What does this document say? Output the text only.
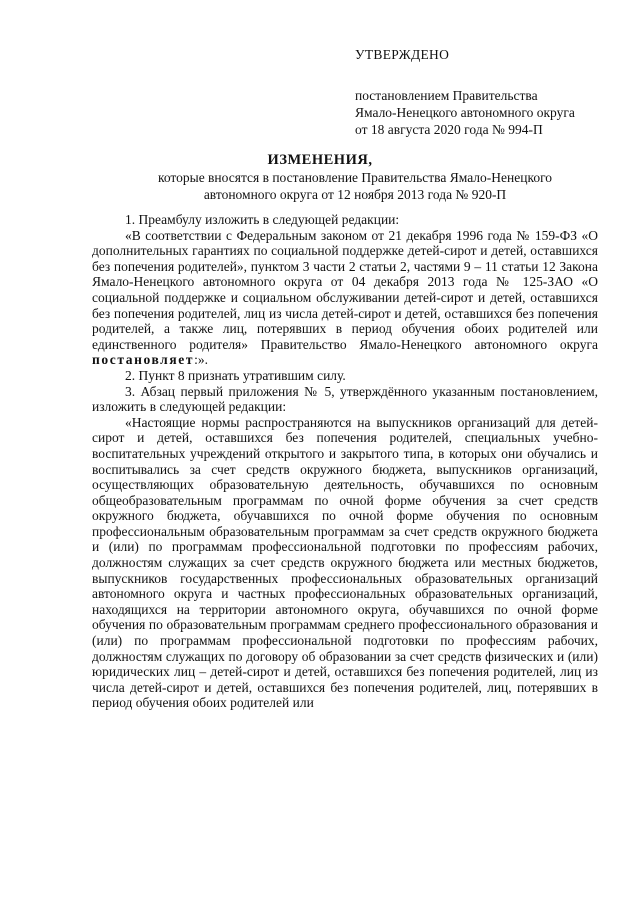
УТВЕРЖДЕНО
постановлением Правительства
Ямало-Ненецкого автономного округа
от 18 августа 2020 года № 994-П
ИЗМЕНЕНИЯ,
которые вносятся в постановление Правительства Ямало-Ненецкого
автономного округа от 12 ноября 2013 года № 920-П

1. Преамбулу изложить в следующей редакции:

«В соответствии с Федеральным законом от 21 декабря 1996 года № 159-ФЗ «О дополнительных гарантиях по социальной поддержке детей-сирот и детей, оставшихся без попечения родителей», пунктом 3 части 2 статьи 2, частями 9 – 11 статьи 12 Закона Ямало-Ненецкого автономного округа от 04 декабря 2013 года № 125-ЗАО «О социальной поддержке и социальном обслуживании детей-сирот и детей, оставшихся без попечения родителей, лиц из числа детей-сирот и детей, оставшихся без попечения родителей, а также лиц, потерявших в период обучения обоих родителей или единственного родителя» Правительство Ямало-Ненецкого автономного округа постановляет:».

2. Пункт 8 признать утратившим силу.

3. Абзац первый приложения № 5, утверждённого указанным постановлением, изложить в следующей редакции:

«Настоящие нормы распространяются на выпускников организаций для детей-сирот и детей, оставшихся без попечения родителей, специальных учебно-воспитательных учреждений открытого и закрытого типа, в которых они обучались и воспитывались за счет средств окружного бюджета, выпускников организаций, осуществляющих образовательную деятельность, обучавшихся по основным общеобразовательным программам по очной форме обучения за счет средств окружного бюджета, обучавшихся по очной форме обучения по основным профессиональным образовательным программам за счет средств окружного бюджета и (или) по программам профессиональной подготовки по профессиям рабочих, должностям служащих за счет средств окружного бюджета или местных бюджетов, выпускников государственных профессиональных образовательных организаций автономного округа и частных профессиональных образовательных организаций, находящихся на территории автономного округа, обучавшихся по очной форме обучения по образовательным программам среднего профессионального образования и (или) по программам профессиональной подготовки по профессиям рабочих, должностям служащих по договору об образовании за счет средств физических и (или) юридических лиц – детей-сирот и детей, оставшихся без попечения родителей, лиц из числа детей-сирот и детей, оставшихся без попечения родителей, лиц, потерявших в период обучения обоих родителей или
